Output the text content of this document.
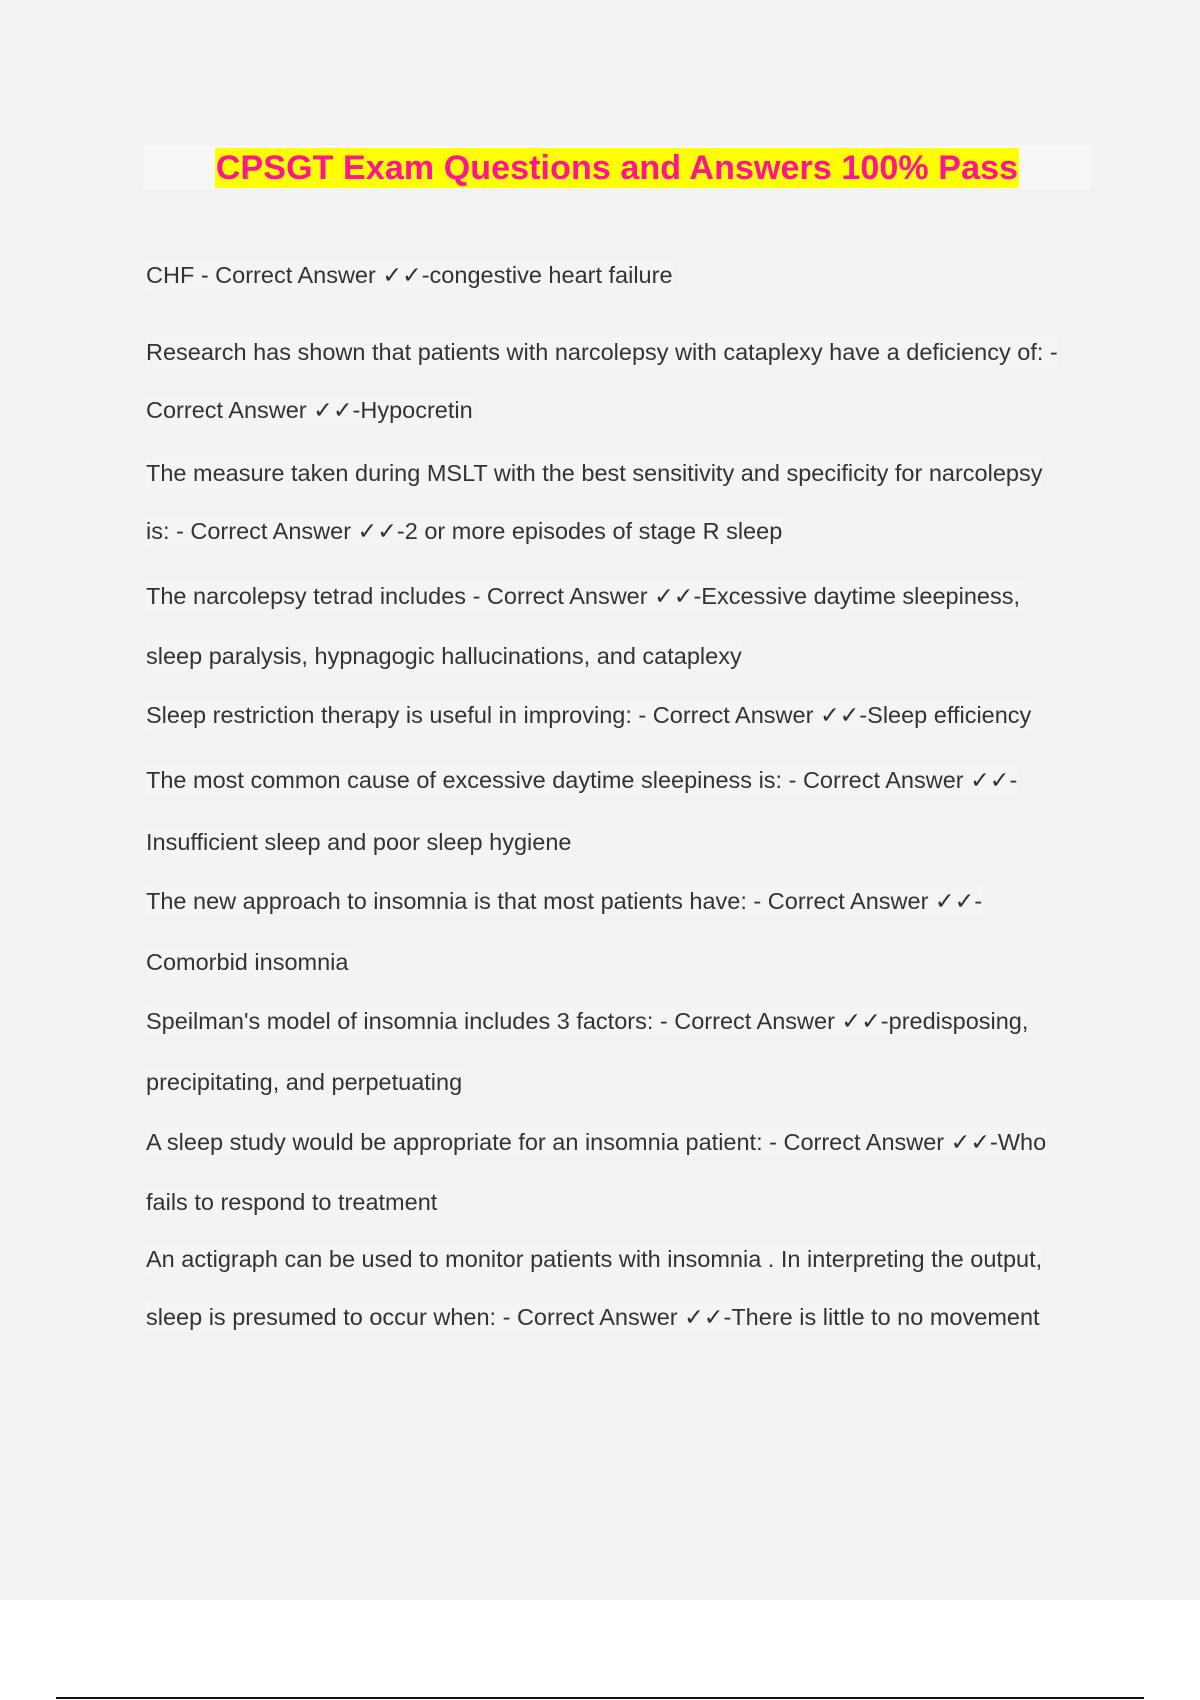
CPSGT Exam Questions and Answers 100% Pass

CHF - Correct Answer ✓✓-congestive heart failure

Research has shown that patients with narcolepsy with cataplexy have a deficiency of: -

Correct Answer ✓✓-Hypocretin

The measure taken during MSLT with the best sensitivity and specificity for narcolepsy

is: - Correct Answer ✓✓-2 or more episodes of stage R sleep

The narcolepsy tetrad includes - Correct Answer ✓✓-Excessive daytime sleepiness,

sleep paralysis, hypnagogic hallucinations, and cataplexy

Sleep restriction therapy is useful in improving: - Correct Answer ✓✓-Sleep efficiency

The most common cause of excessive daytime sleepiness is: - Correct Answer ✓✓-

Insufficient sleep and poor sleep hygiene

The new approach to insomnia is that most patients have: - Correct Answer ✓✓-

Comorbid insomnia

Speilman's model of insomnia includes 3 factors: - Correct Answer ✓✓-predisposing,

precipitating, and perpetuating

A sleep study would be appropriate for an insomnia patient: - Correct Answer ✓✓-Who

fails to respond to treatment

An actigraph can be used to monitor patients with insomnia . In interpreting the output,

sleep is presumed to occur when: - Correct Answer ✓✓-There is little to no movement
